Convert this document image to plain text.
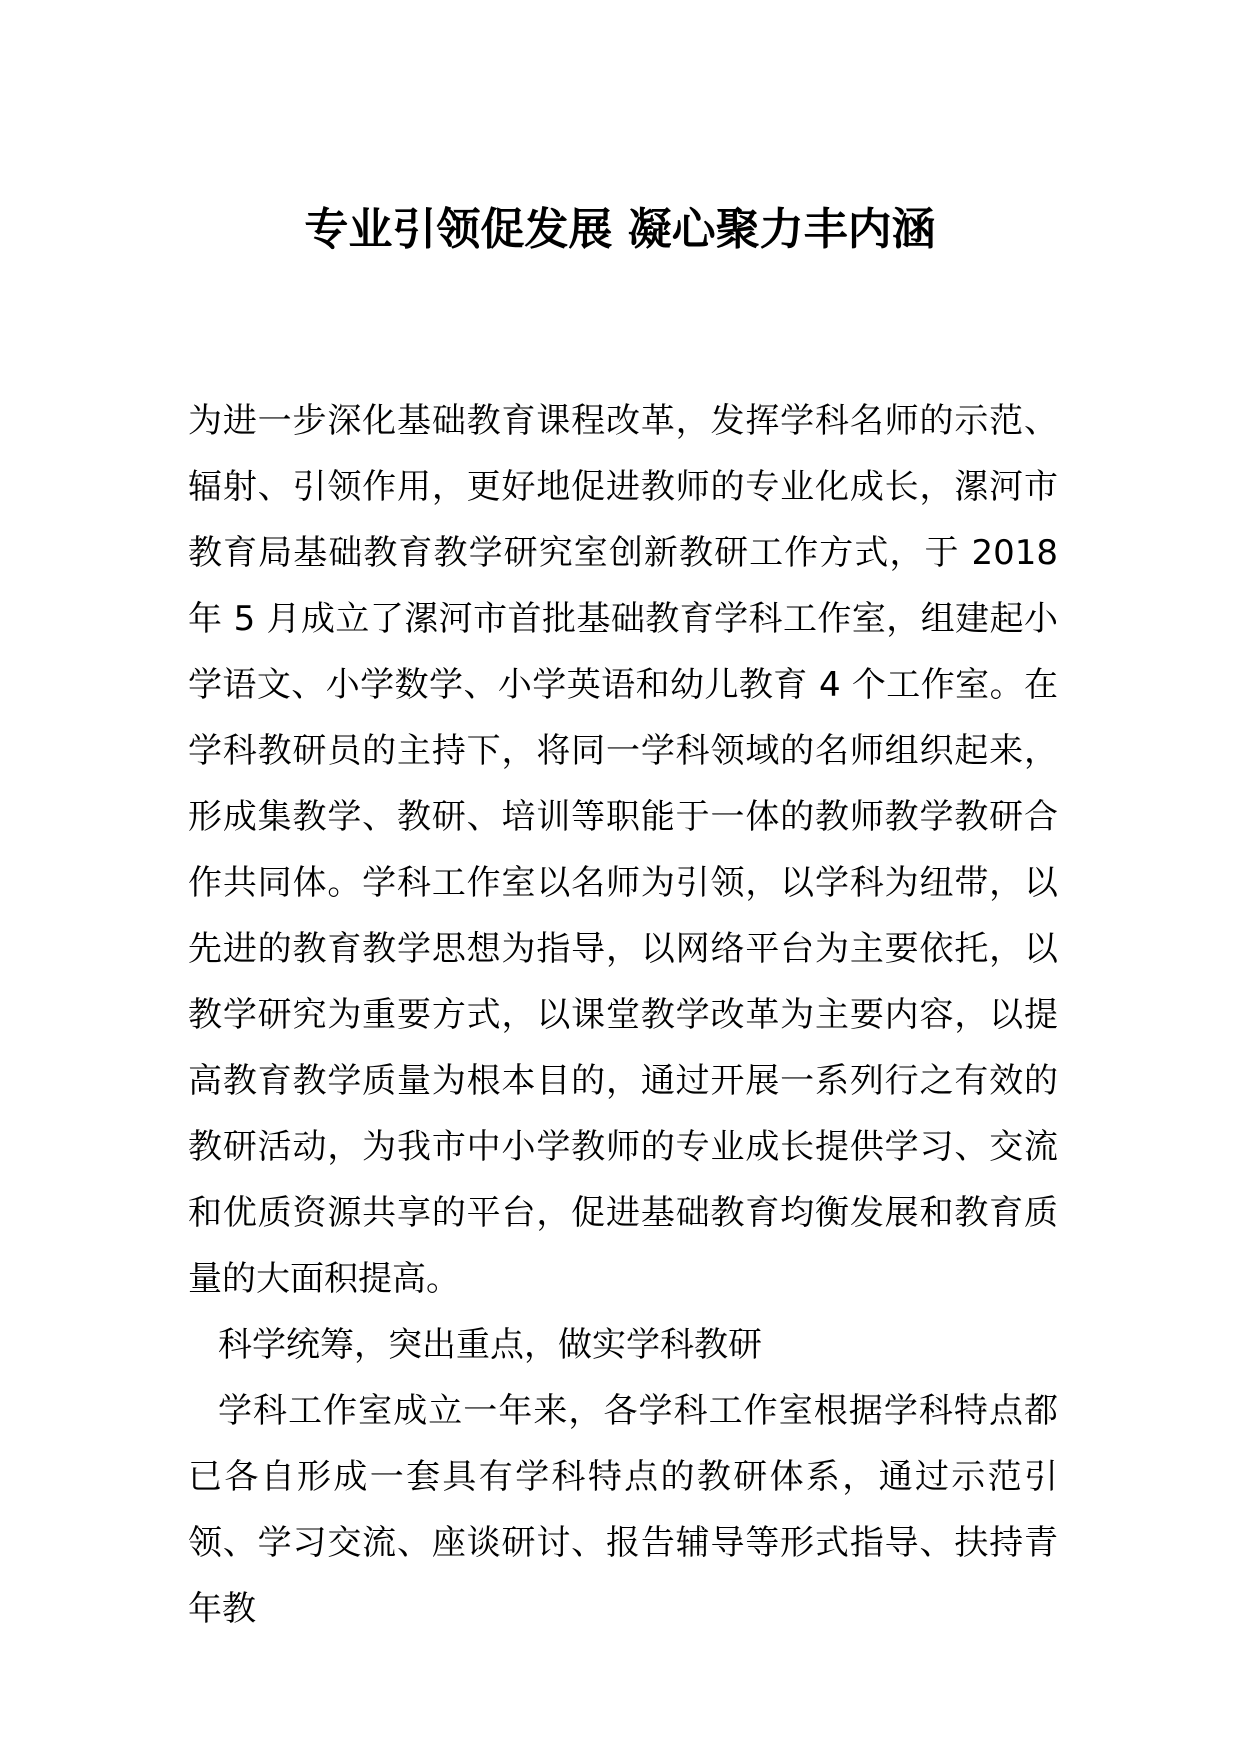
专业引领促发展 凝心聚力丰内涵

为进一步深化基础教育课程改革，发挥学科名师的示范、辐射、引领作用，更好地促进教师的专业化成长，漯河市教育局基础教育教学研究室创新教研工作方式，于 2018 年 5 月成立了漯河市首批基础教育学科工作室，组建起小学语文、小学数学、小学英语和幼儿教育 4 个工作室。在学科教研员的主持下，将同一学科领域的名师组织起来，形成集教学、教研、培训等职能于一体的教师教学教研合作共同体。学科工作室以名师为引领，以学科为纽带，以先进的教育教学思想为指导，以网络平台为主要依托，以教学研究为重要方式，以课堂教学改革为主要内容，以提高教育教学质量为根本目的，通过开展一系列行之有效的教研活动，为我市中小学教师的专业成长提供学习、交流和优质资源共享的平台，促进基础教育均衡发展和教育质量的大面积提高。

科学统筹，突出重点，做实学科教研

学科工作室成立一年来，各学科工作室根据学科特点都已各自形成一套具有学科特点的教研体系，通过示范引领、学习交流、座谈研讨、报告辅导等形式指导、扶持青年教
